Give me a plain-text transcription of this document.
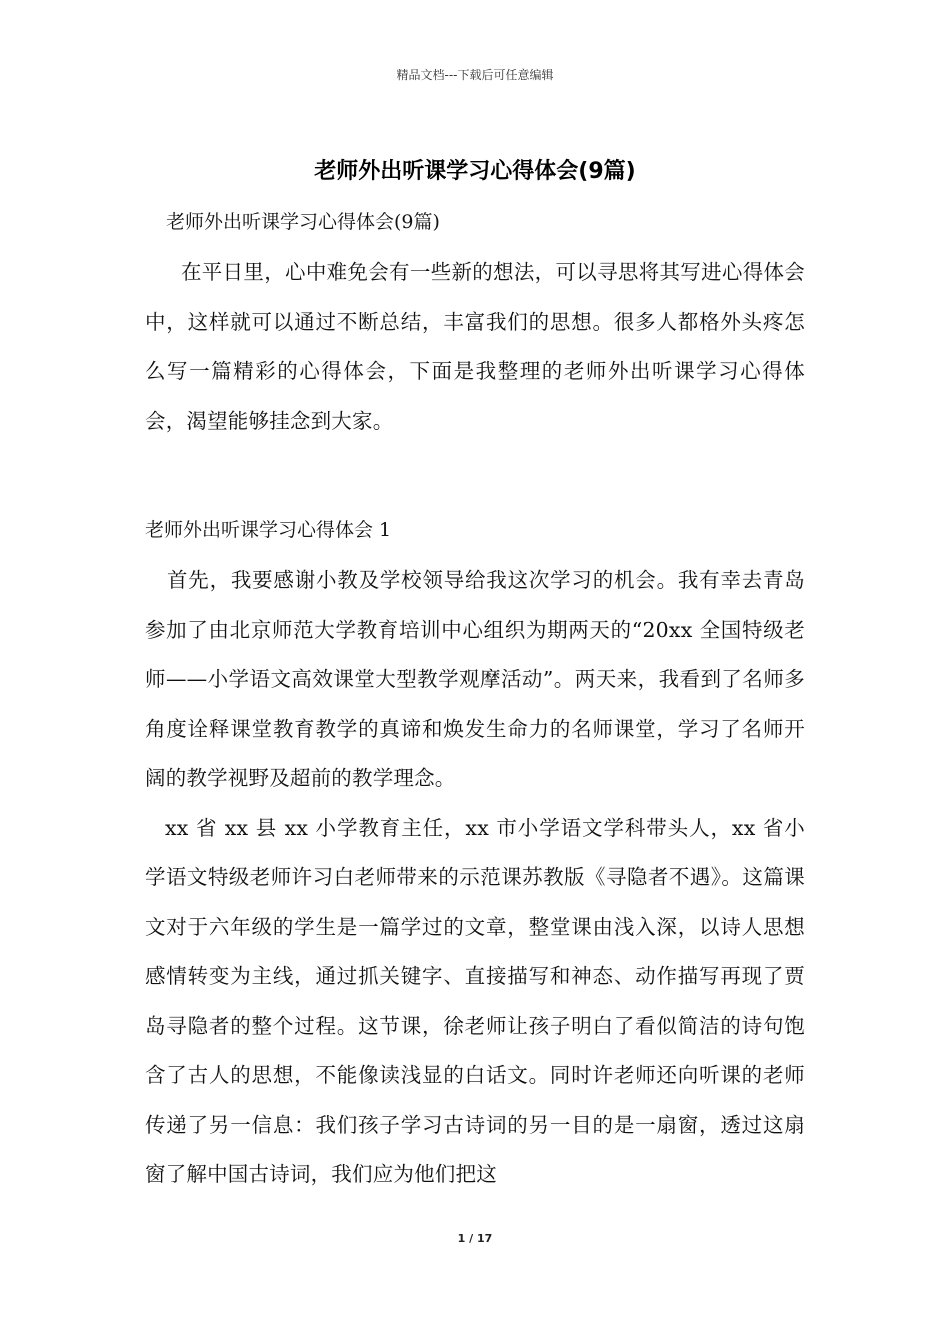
精品文档---下载后可任意编辑
老师外出听课学习心得体会(9篇)

老师外出听课学习心得体会(9篇)

在平日里，心中难免会有一些新的想法，可以寻思将其写进心得体会中，这样就可以通过不断总结，丰富我们的思想。很多人都格外头疼怎么写一篇精彩的心得体会，下面是我整理的老师外出听课学习心得体会，渴望能够挂念到大家。

老师外出听课学习心得体会 1

首先，我要感谢小教及学校领导给我这次学习的机会。我有幸去青岛参加了由北京师范大学教育培训中心组织为期两天的“20xx 全国特级老师——小学语文高效课堂大型教学观摩活动”。两天来，我看到了名师多角度诠释课堂教育教学的真谛和焕发生命力的名师课堂，学习了名师开阔的教学视野及超前的教学理念。

xx 省 xx 县 xx 小学教育主任，xx 市小学语文学科带头人，xx 省小学语文特级老师许习白老师带来的示范课苏教版《寻隐者不遇》。这篇课文对于六年级的学生是一篇学过的文章，整堂课由浅入深，以诗人思想感情转变为主线，通过抓关键字、直接描写和神态、动作描写再现了贾岛寻隐者的整个过程。这节课，徐老师让孩子明白了看似简洁的诗句饱含了古人的思想，不能像读浅显的白话文。同时许老师还向听课的老师传递了另一信息：我们孩子学习古诗词的另一目的是一扇窗，透过这扇窗了解中国古诗词，我们应为他们把这

1 / 17
